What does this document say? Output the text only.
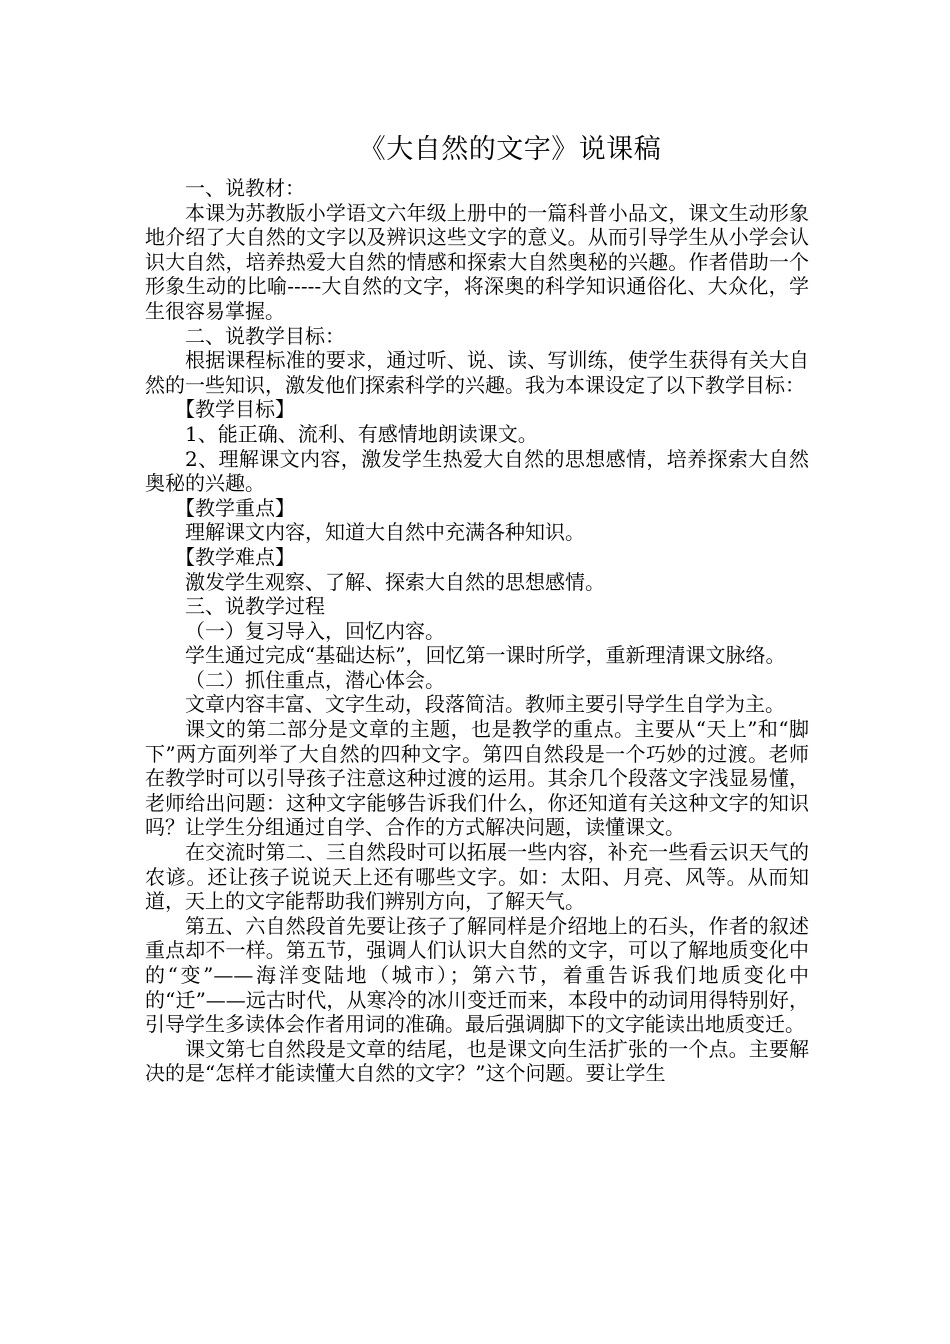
《大自然的文字》说课稿

一、说教材：

本课为苏教版小学语文六年级上册中的一篇科普小品文，课文生动形象地介绍了大自然的文字以及辨识这些文字的意义。从而引导学生从小学会认识大自然，培养热爱大自然的情感和探索大自然奥秘的兴趣。作者借助一个形象生动的比喻-----大自然的文字，将深奥的科学知识通俗化、大众化，学生很容易掌握。

二、说教学目标：

根据课程标准的要求，通过听、说、读、写训练，使学生获得有关大自然的一些知识，激发他们探索科学的兴趣。我为本课设定了以下教学目标：

【教学目标】

1、能正确、流利、有感情地朗读课文。

2、理解课文内容，激发学生热爱大自然的思想感情，培养探索大自然奥秘的兴趣。

【教学重点】

理解课文内容，知道大自然中充满各种知识。

【教学难点】

激发学生观察、了解、探索大自然的思想感情。

三、说教学过程

（一）复习导入，回忆内容。

学生通过完成“基础达标”，回忆第一课时所学，重新理清课文脉络。

（二）抓住重点，潜心体会。

文章内容丰富、文字生动，段落简洁。教师主要引导学生自学为主。

课文的第二部分是文章的主题，也是教学的重点。主要从“天上”和“脚下”两方面列举了大自然的四种文字。第四自然段是一个巧妙的过渡。老师在教学时可以引导孩子注意这种过渡的运用。其余几个段落文字浅显易懂，老师给出问题：这种文字能够告诉我们什么，你还知道有关这种文字的知识吗？让学生分组通过自学、合作的方式解决问题，读懂课文。

在交流时第二、三自然段时可以拓展一些内容，补充一些看云识天气的农谚。还让孩子说说天上还有哪些文字。如：太阳、月亮、风等。从而知道，天上的文字能帮助我们辨别方向，了解天气。

第五、六自然段首先要让孩子了解同样是介绍地上的石头，作者的叙述重点却不一样。第五节，强调人们认识大自然的文字，可以了解地质变化中的“变”——海洋变陆地（城市）；第六节，着重告诉我们地质变化中的“迁”——远古时代，从寒冷的冰川变迁而来，本段中的动词用得特别好，引导学生多读体会作者用词的准确。最后强调脚下的文字能读出地质变迁。

课文第七自然段是文章的结尾，也是课文向生活扩张的一个点。主要解决的是“怎样才能读懂大自然的文字？”这个问题。要让学生
